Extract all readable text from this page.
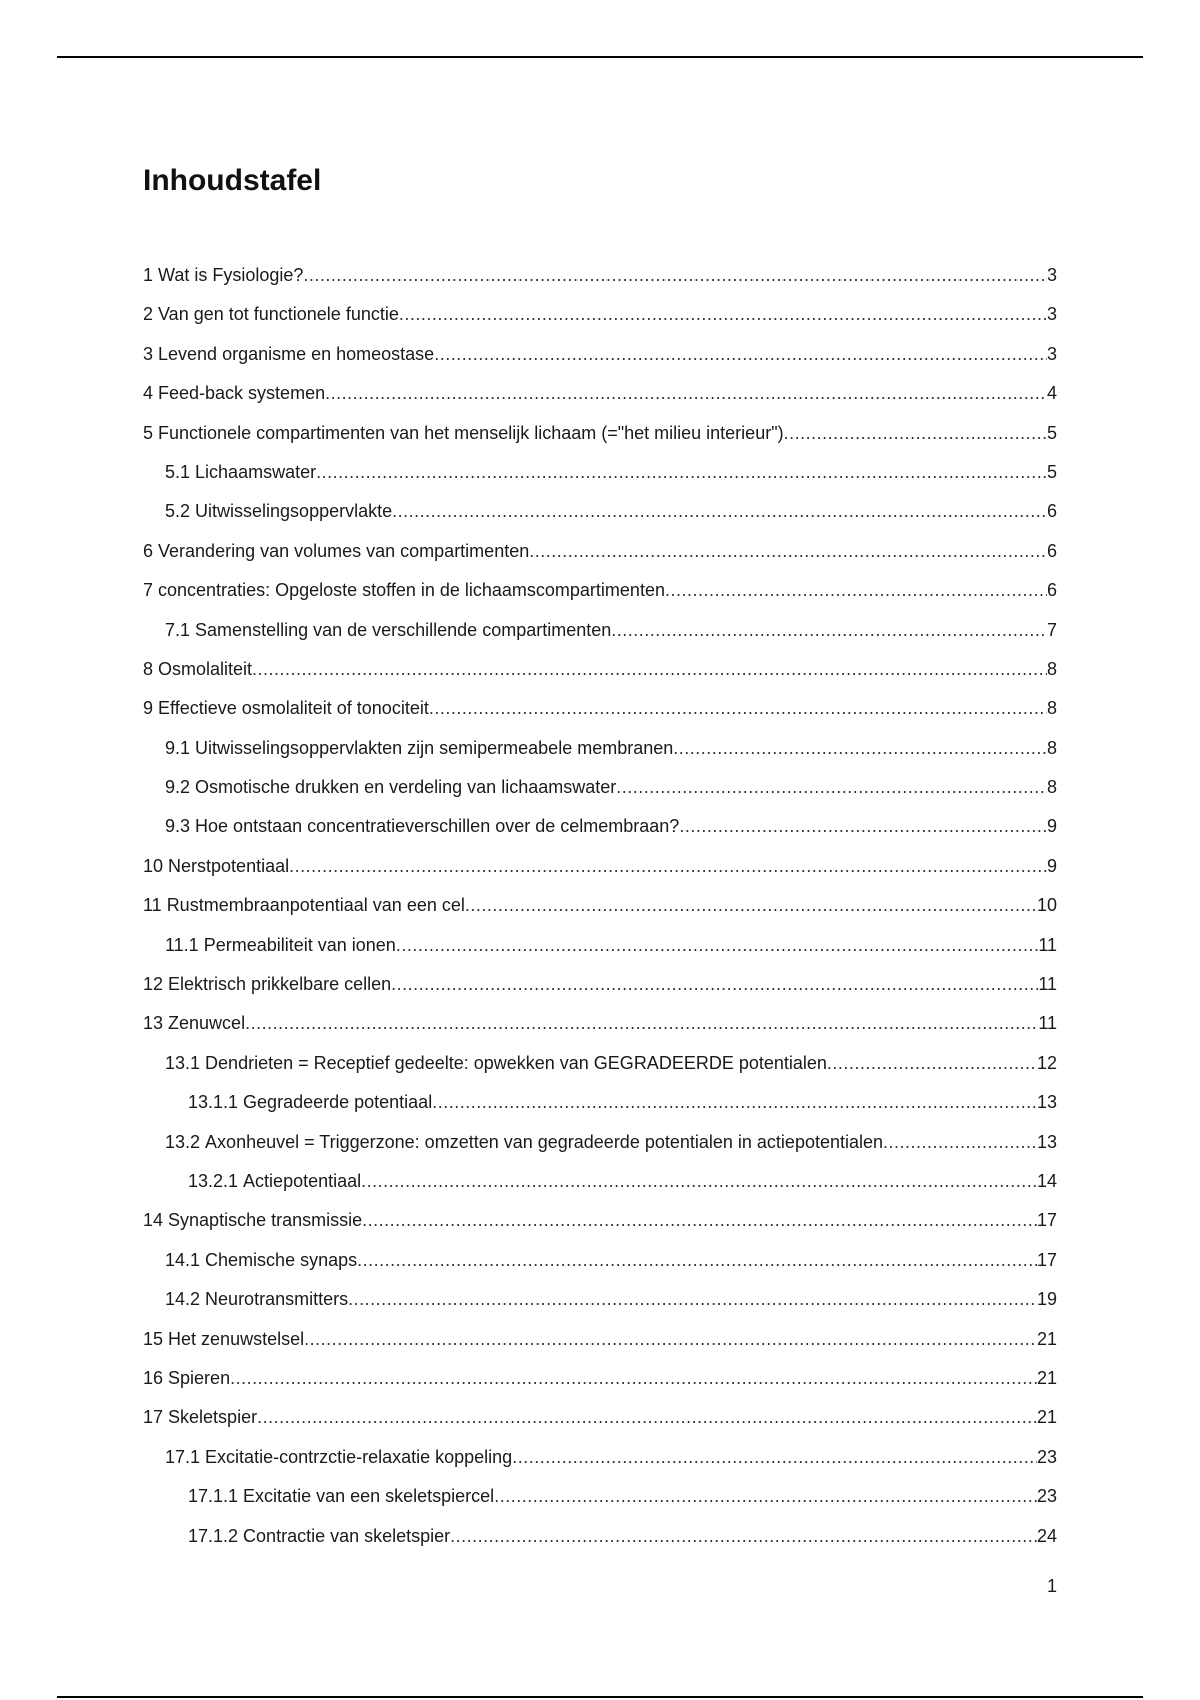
Inhoudstafel
1 Wat is Fysiologie? .....	3
2 Van gen tot functionele functie .....	3
3 Levend organisme en homeostase .....	3
4 Feed-back systemen .....	4
5 Functionele compartimenten van het menselijk lichaam (="het milieu interieur") .....	5
5.1 Lichaamswater .....	5
5.2 Uitwisselingsoppervlakte .....	6
6 Verandering van volumes van compartimenten .....	6
7 concentraties: Opgeloste stoffen in de lichaamscompartimenten .....	6
7.1 Samenstelling van de verschillende compartimenten .....	7
8 Osmolaliteit .....	8
9 Effectieve osmolaliteit of tonociteit .....	8
9.1 Uitwisselingsoppervlakten zijn semipermeabele membranen .....	8
9.2 Osmotische drukken en verdeling van lichaamswater .....	8
9.3 Hoe ontstaan concentratieverschillen over de celmembraan? .....	9
10 Nerstpotentiaal .....	9
11 Rustmembraanpotentiaal van een cel .....	10
11.1 Permeabiliteit van ionen .....	11
12 Elektrisch prikkelbare cellen .....	11
13 Zenuwcel .....	11
13.1 Dendrieten = Receptief gedeelte: opwekken van GEGRADEERDE potentialen .....	12
13.1.1 Gegradeerde potentiaal .....	13
13.2 Axonheuvel = Triggerzone: omzetten van gegradeerde potentialen in actiepotentialen .....	13
13.2.1 Actiepotentiaal .....	14
14 Synaptische transmissie .....	17
14.1 Chemische synaps .....	17
14.2 Neurotransmitters .....	19
15 Het zenuwstelsel .....	21
16 Spieren .....	21
17 Skeletspier .....	21
17.1 Excitatie-contrzctie-relaxatie koppeling .....	23
17.1.1 Excitatie van een skeletspiercel .....	23
17.1.2 Contractie van skeletspier .....	24
1
